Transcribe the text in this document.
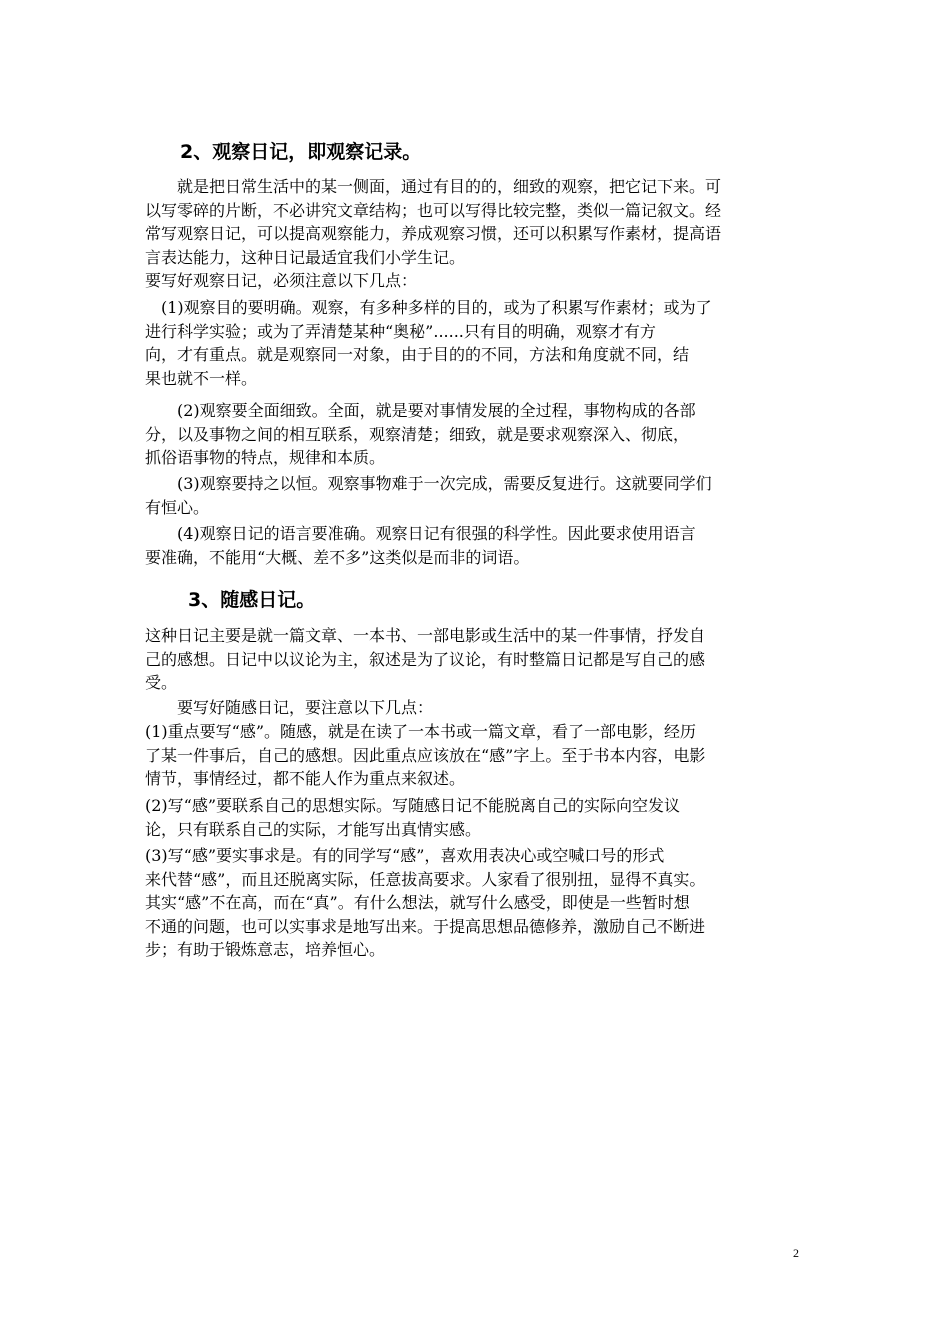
2、观察日记，即观察记录。
　　就是把日常生活中的某一侧面，通过有目的的，细致的观察，把它记下来。可
以写零碎的片断，不必讲究文章结构；也可以写得比较完整，类似一篇记叙文。经
常写观察日记，可以提高观察能力，养成观察习惯，还可以积累写作素材，提高语
言表达能力，这种日记最适宜我们小学生记。
要写好观察日记，必须注意以下几点：
　(1)观察目的要明确。观察，有多种多样的目的，或为了积累写作素材；或为了
进行科学实验；或为了弄清楚某种“奥秘”......只有目的明确，观察才有方
向，才有重点。就是观察同一对象，由于目的的不同，方法和角度就不同，结
果也就不一样。
　　(2)观察要全面细致。全面，就是要对事情发展的全过程，事物构成的各部
分，以及事物之间的相互联系，观察清楚；细致，就是要求观察深入、彻底，
抓俗语事物的特点，规律和本质。
　　(3)观察要持之以恒。观察事物难于一次完成，需要反复进行。这就要同学们
有恒心。
　　(4)观察日记的语言要准确。观察日记有很强的科学性。因此要求使用语言
要准确，不能用“大概、差不多”这类似是而非的词语。
3、随感日记。
这种日记主要是就一篇文章、一本书、一部电影或生活中的某一件事情，抒发自
己的感想。日记中以议论为主，叙述是为了议论，有时整篇日记都是写自己的感
受。
　　要写好随感日记，要注意以下几点：
(1)重点要写“感”。随感，就是在读了一本书或一篇文章，看了一部电影，经历
了某一件事后，自己的感想。因此重点应该放在“感”字上。至于书本内容，电影
情节，事情经过，都不能人作为重点来叙述。
(2)写“感”要联系自己的思想实际。写随感日记不能脱离自己的实际向空发议
论，只有联系自己的实际，才能写出真情实感。
(3)写“感”要实事求是。有的同学写“感”，喜欢用表决心或空喊口号的形式
来代替“感”，而且还脱离实际，任意拔高要求。人家看了很别扭，显得不真实。
其实“感”不在高，而在“真”。有什么想法，就写什么感受，即使是一些暂时想
不通的问题，也可以实事求是地写出来。于提高思想品德修养，激励自己不断进
步；有助于锻炼意志，培养恒心。
2
